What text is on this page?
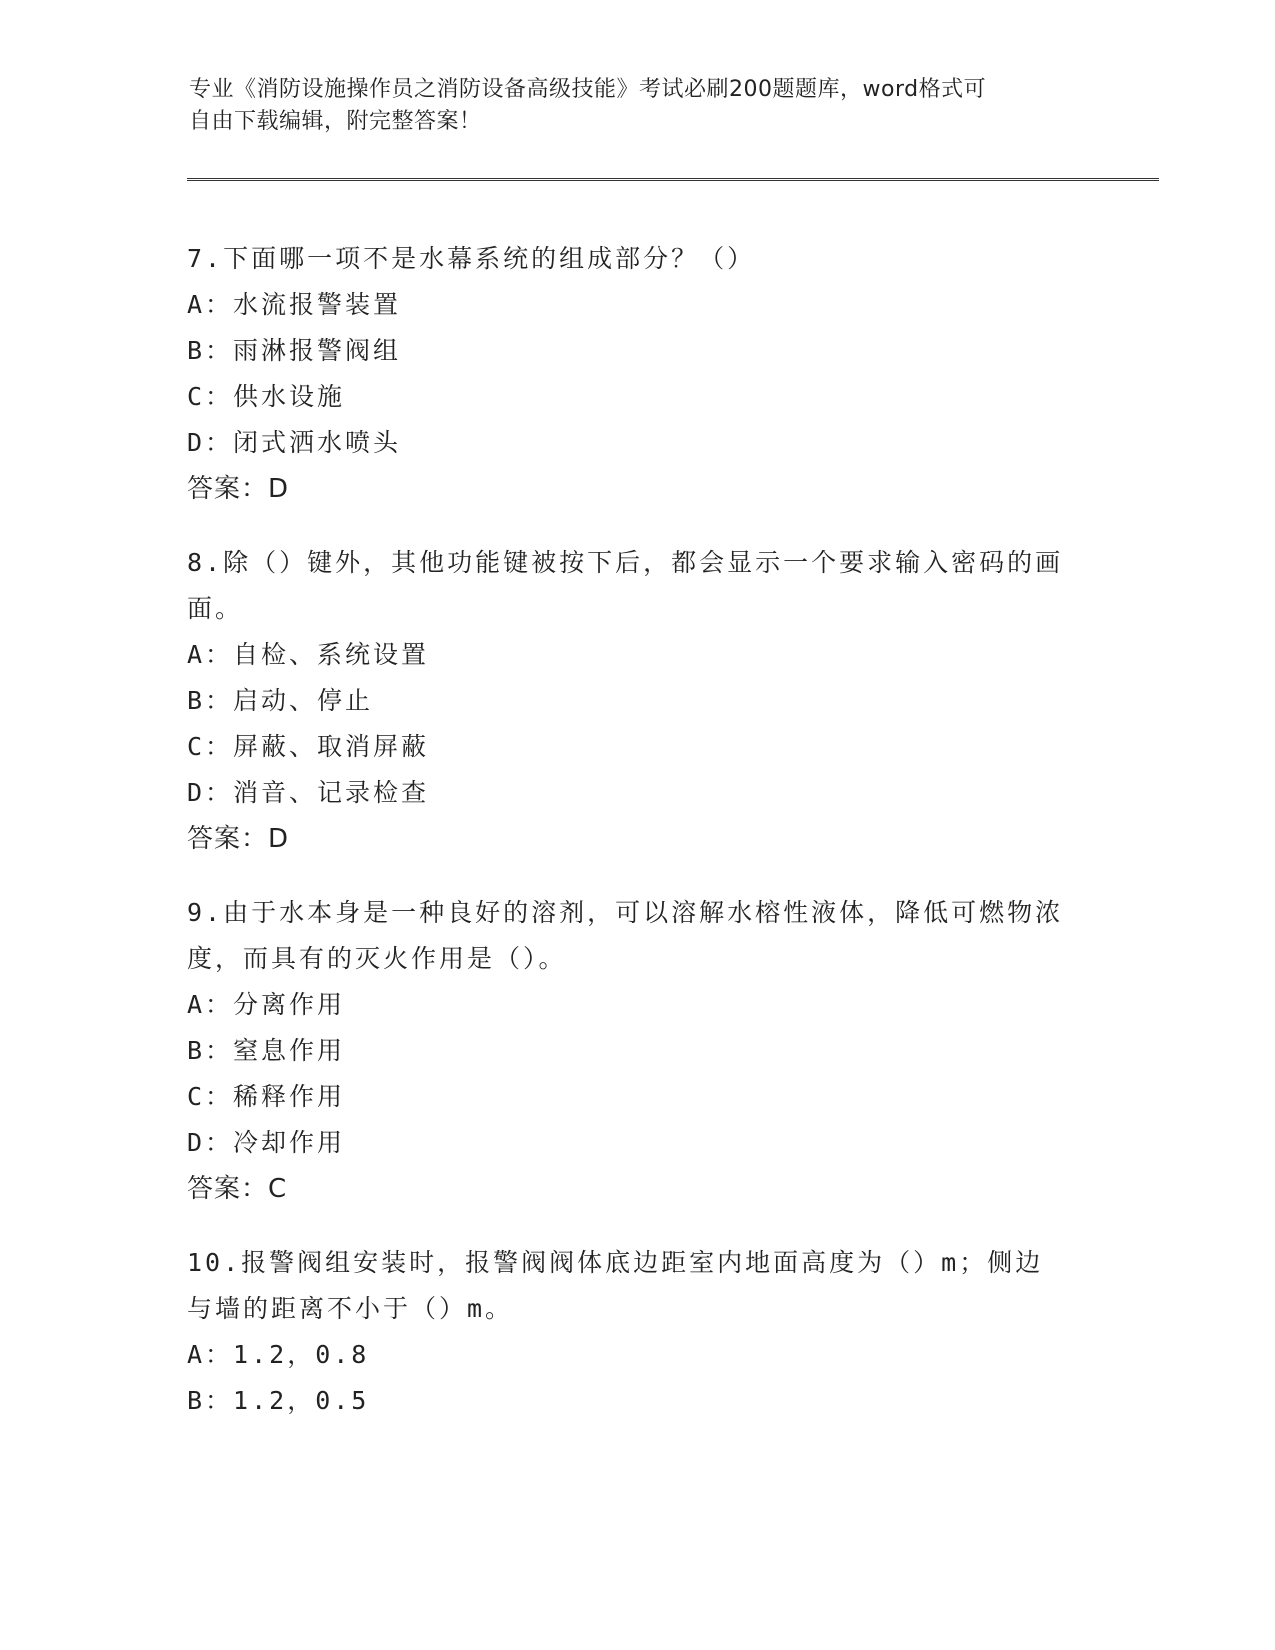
专业《消防设施操作员之消防设备高级技能》考试必刷200题题库，word格式可
自由下载编辑，附完整答案！
7.下面哪一项不是水幕系统的组成部分？（）
A：水流报警装置
B：雨淋报警阀组
C：供水设施
D：闭式洒水喷头
答案：D
8.除（）键外，其他功能键被按下后，都会显示一个要求输入密码的画面。
A：自检、系统设置
B：启动、停止
C：屏蔽、取消屏蔽
D：消音、记录检查
答案：D
9.由于水本身是一种良好的溶剂，可以溶解水榕性液体，降低可燃物浓度，而具有的灭火作用是（）。
A：分离作用
B：窒息作用
C：稀释作用
D：冷却作用
答案：C
10.报警阀组安装时，报警阀阀体底边距室内地面高度为（）m；侧边与墙的距离不小于（）m。
A：1.2，0.8
B：1.2，0.5
